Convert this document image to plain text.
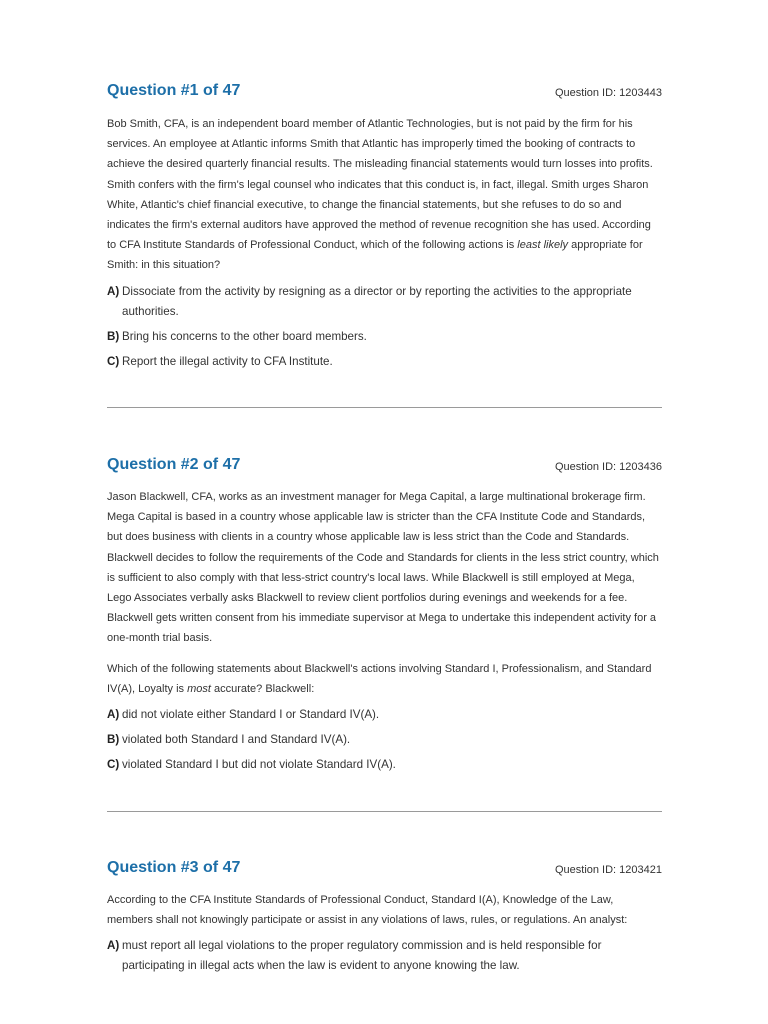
Question #1 of 47	Question ID: 1203443

Bob Smith, CFA, is an independent board member of Atlantic Technologies, but is not paid by the firm for his services. An employee at Atlantic informs Smith that Atlantic has improperly timed the booking of contracts to achieve the desired quarterly financial results. The misleading financial statements would turn losses into profits. Smith confers with the firm's legal counsel who indicates that this conduct is, in fact, illegal. Smith urges Sharon White, Atlantic's chief financial executive, to change the financial statements, but she refuses to do so and indicates the firm's external auditors have approved the method of revenue recognition she has used. According to CFA Institute Standards of Professional Conduct, which of the following actions is least likely appropriate for Smith: in this situation?

A) Dissociate from the activity by resigning as a director or by reporting the activities to the appropriate authorities.
B) Bring his concerns to the other board members.
C) Report the illegal activity to CFA Institute.
Question #2 of 47	Question ID: 1203436

Jason Blackwell, CFA, works as an investment manager for Mega Capital, a large multinational brokerage firm. Mega Capital is based in a country whose applicable law is stricter than the CFA Institute Code and Standards, but does business with clients in a country whose applicable law is less strict than the Code and Standards. Blackwell decides to follow the requirements of the Code and Standards for clients in the less strict country, which is sufficient to also comply with that less-strict country's local laws. While Blackwell is still employed at Mega, Lego Associates verbally asks Blackwell to review client portfolios during evenings and weekends for a fee. Blackwell gets written consent from his immediate supervisor at Mega to undertake this independent activity for a one-month trial basis.

Which of the following statements about Blackwell's actions involving Standard I, Professionalism, and Standard IV(A), Loyalty is most accurate? Blackwell:

A) did not violate either Standard I or Standard IV(A).
B) violated both Standard I and Standard IV(A).
C) violated Standard I but did not violate Standard IV(A).
Question #3 of 47	Question ID: 1203421

According to the CFA Institute Standards of Professional Conduct, Standard I(A), Knowledge of the Law, members shall not knowingly participate or assist in any violations of laws, rules, or regulations. An analyst:

A) must report all legal violations to the proper regulatory commission and is held responsible for participating in illegal acts when the law is evident to anyone knowing the law.
